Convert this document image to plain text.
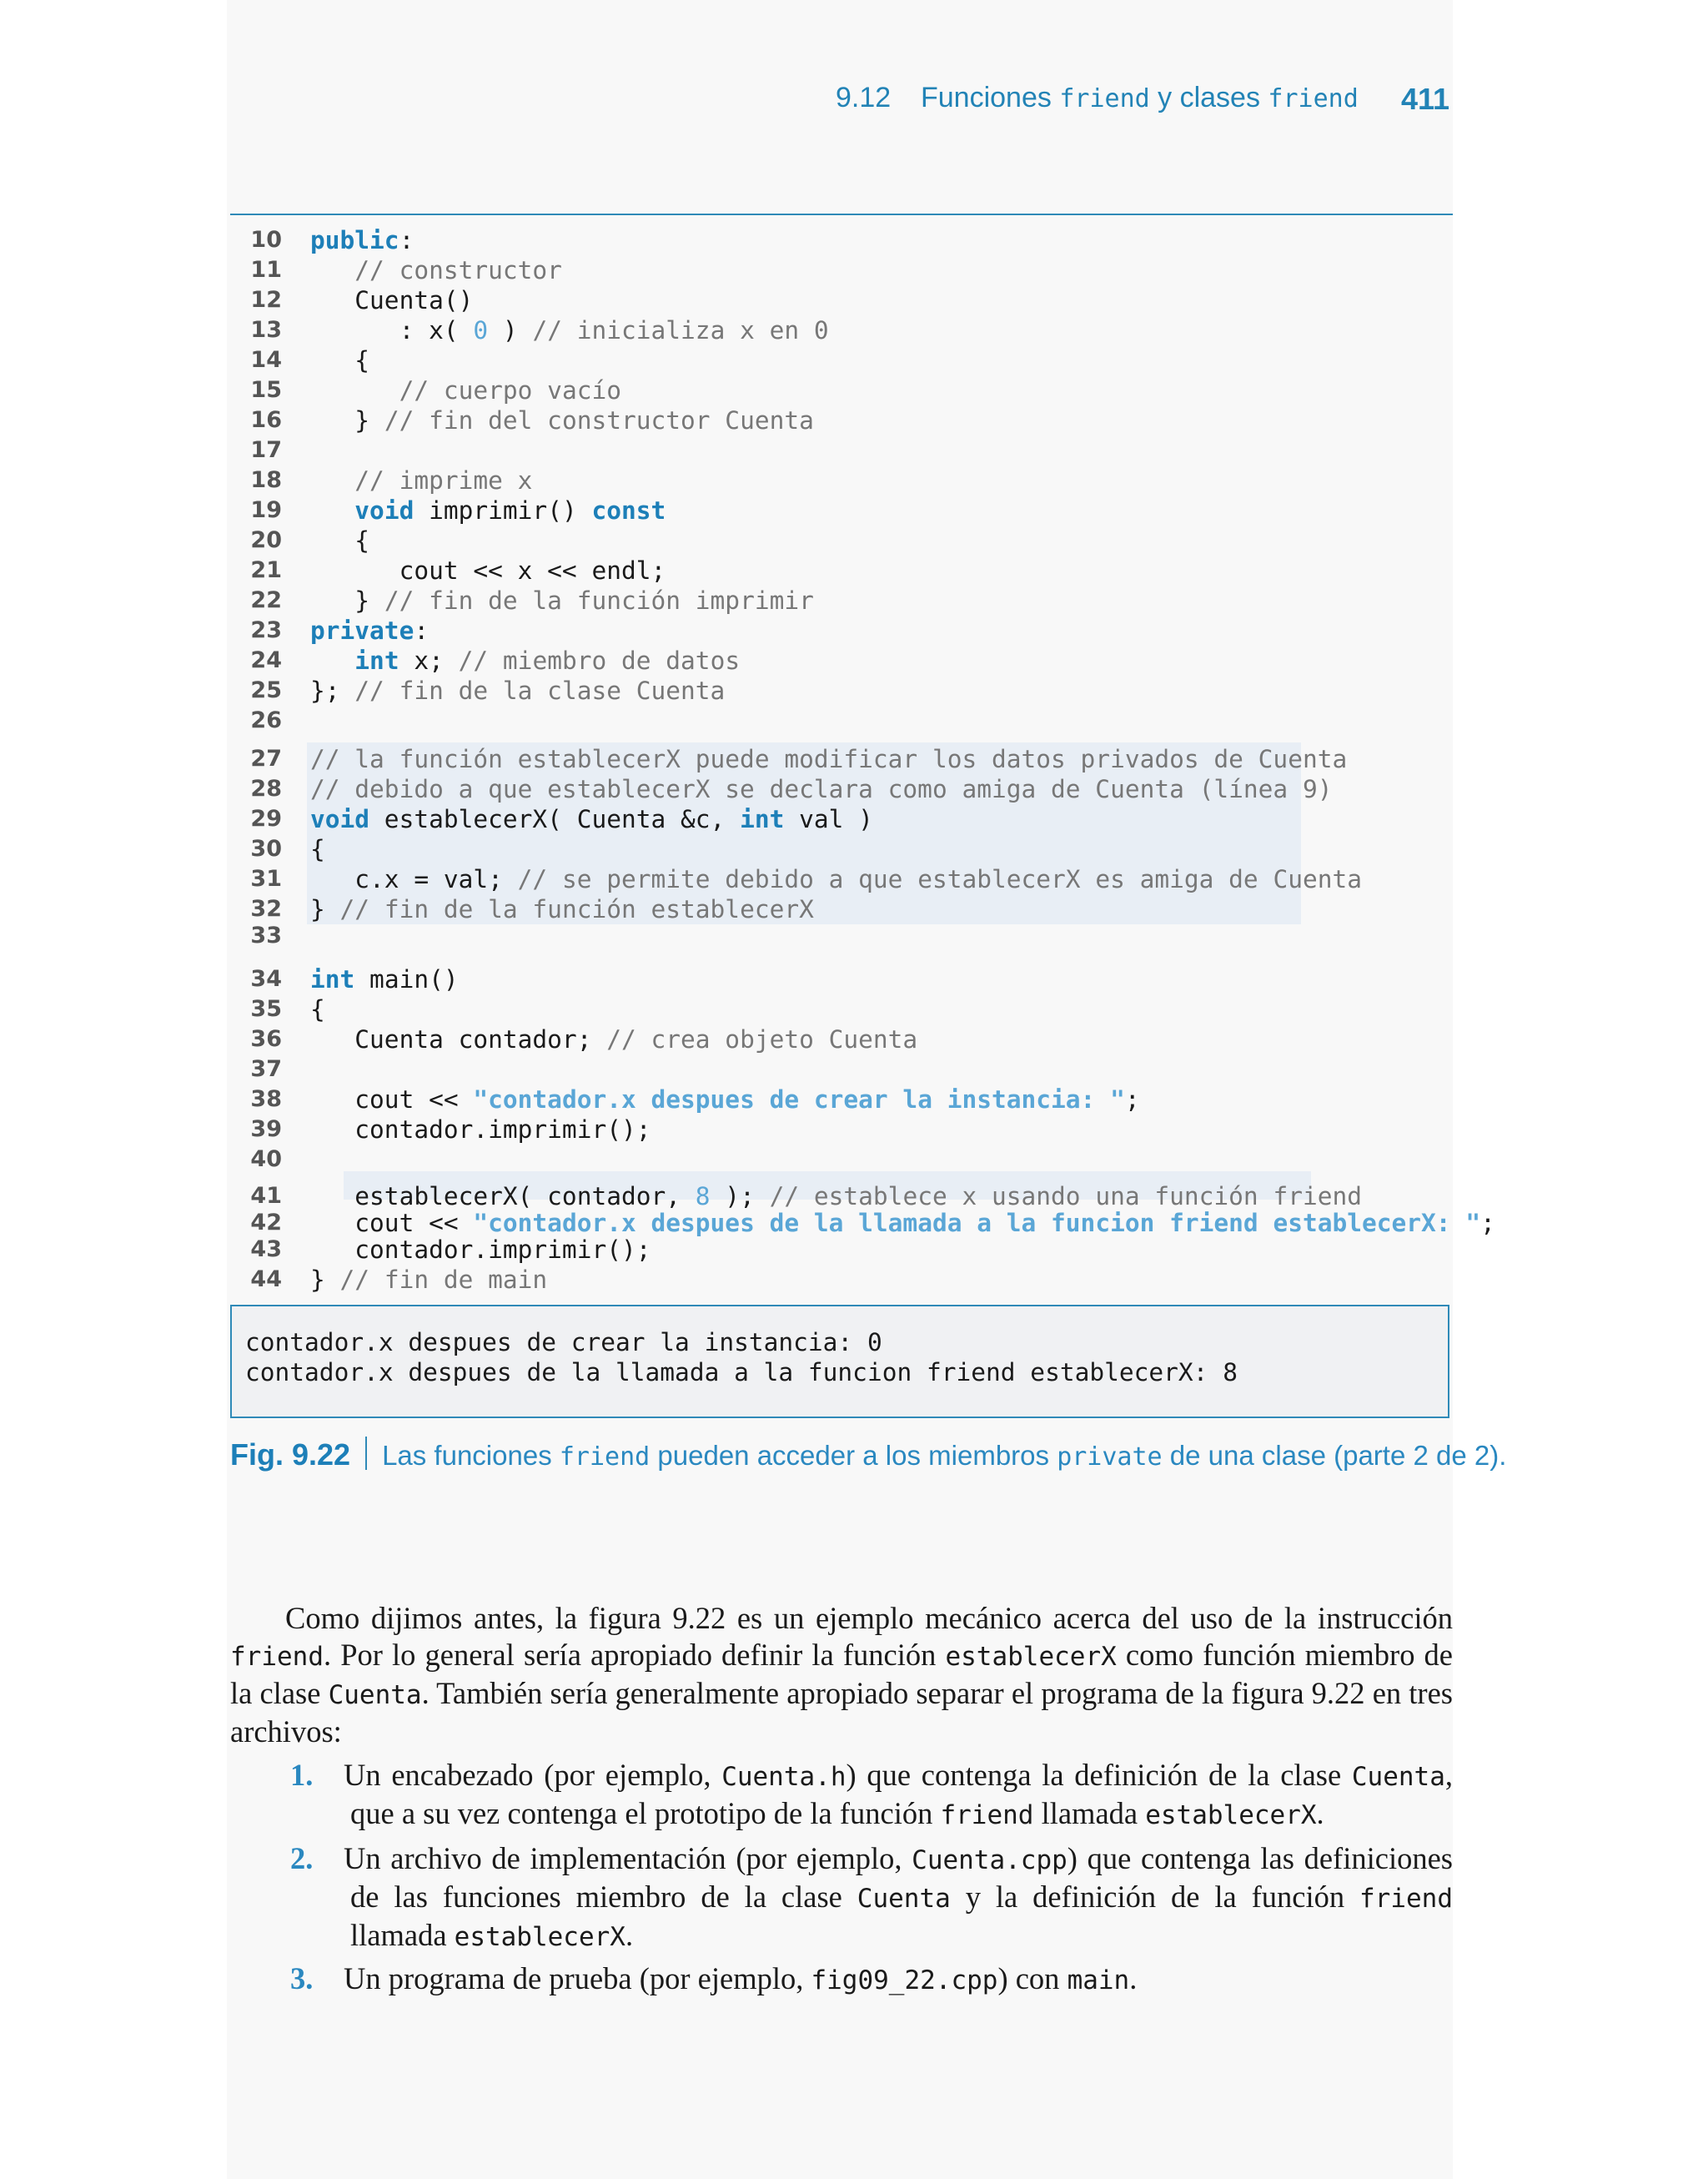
9.12 Funciones friend y clases friend 411
10 public:
11	// constructor
12 Cuenta()
13 : x( 0 ) // inicializa x en 0
14 {
15	// cuerpo vacío
16 } // fin del constructor Cuenta
17
18	// imprime x
19	void imprimir() const
20 {
21 cout << x << endl;
22 } // fin de la función imprimir
23 private:
24	int x; // miembro de datos
25 }; // fin de la clase Cuenta
26
27 // la función establecerX puede modificar los datos privados de Cuenta
28 // debido a que establecerX se declara como amiga de Cuenta (línea 9)
29 void establecerX( Cuenta &c, int val )
30 {
31 c.x = val; // se permite debido a que establecerX es amiga de Cuenta
32 } // fin de la función establecerX
33
34 int main()
35 {
36 Cuenta contador; // crea objeto Cuenta
37
38 cout << "contador.x despues de crear la instancia: ";
39 contador.imprimir();
40
41 establecerX( contador, 8 ); // establece x usando una función friend
42 cout << "contador.x despues de la llamada a la funcion friend establecerX: ";
43 contador.imprimir();
44 } // fin de main
contador.x despues de crear la instancia: 0
contador.x despues de la llamada a la funcion friend establecerX: 8
Fig. 9.22 Las funciones friend pueden acceder a los miembros private de una clase (parte 2 de 2).
Como dijimos antes, la figura 9.22 es un ejemplo mecánico acerca del uso de la instrucción friend. Por lo general sería apropiado definir la función establecerX como función miembro de la clase Cuenta. También sería generalmente apropiado separar el programa de la figura 9.22 en tres archivos:
1. Un encabezado (por ejemplo, Cuenta.h) que contenga la definición de la clase Cuenta, que a su vez contenga el prototipo de la función friend llamada establecerX.
2. Un archivo de implementación (por ejemplo, Cuenta.cpp) que contenga las definiciones de las funciones miembro de la clase Cuenta y la definición de la función friend llamada establecerX.
3. Un programa de prueba (por ejemplo, fig09_22.cpp) con main.
